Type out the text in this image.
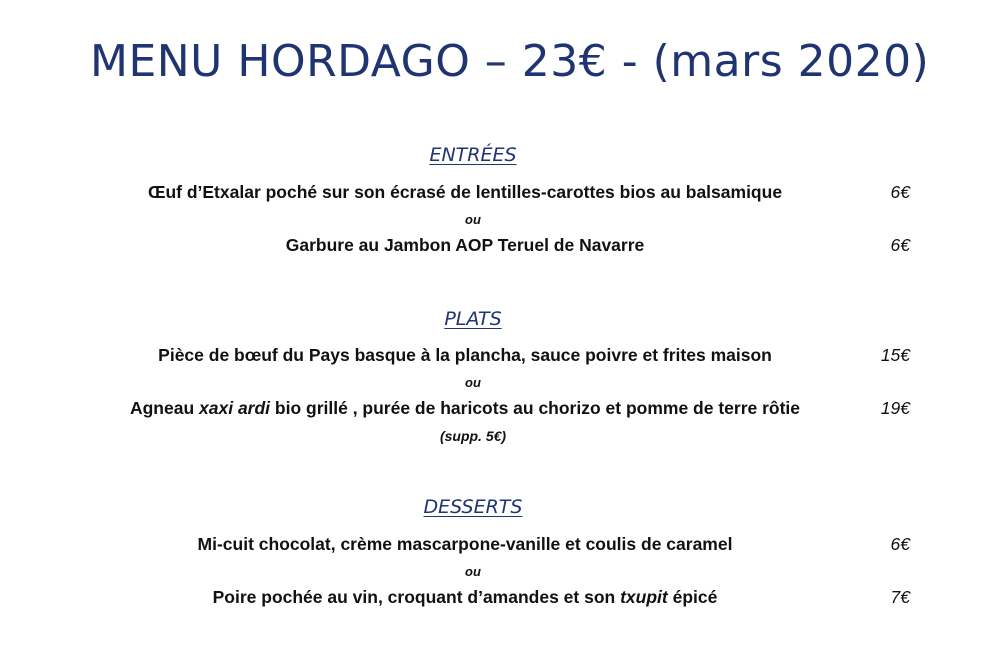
MENU HORDAGO – 23€ - (mars 2020)
ENTRÉES
Œuf d’Etxalar poché sur son écrasé de lentilles-carottes bios au balsamique	6€
ou
Garbure au Jambon AOP Teruel de Navarre	6€
PLATS
Pièce de bœuf du Pays basque à la plancha, sauce poivre et frites maison	15€
ou
Agneau xaxi ardi bio grillé , purée de haricots au chorizo et pomme de terre rôtie	19€
(supp. 5€)
DESSERTS
Mi-cuit chocolat, crème mascarpone-vanille et coulis de caramel	6€
ou
Poire pochée au vin, croquant d’amandes et son txupit épicé	7€
